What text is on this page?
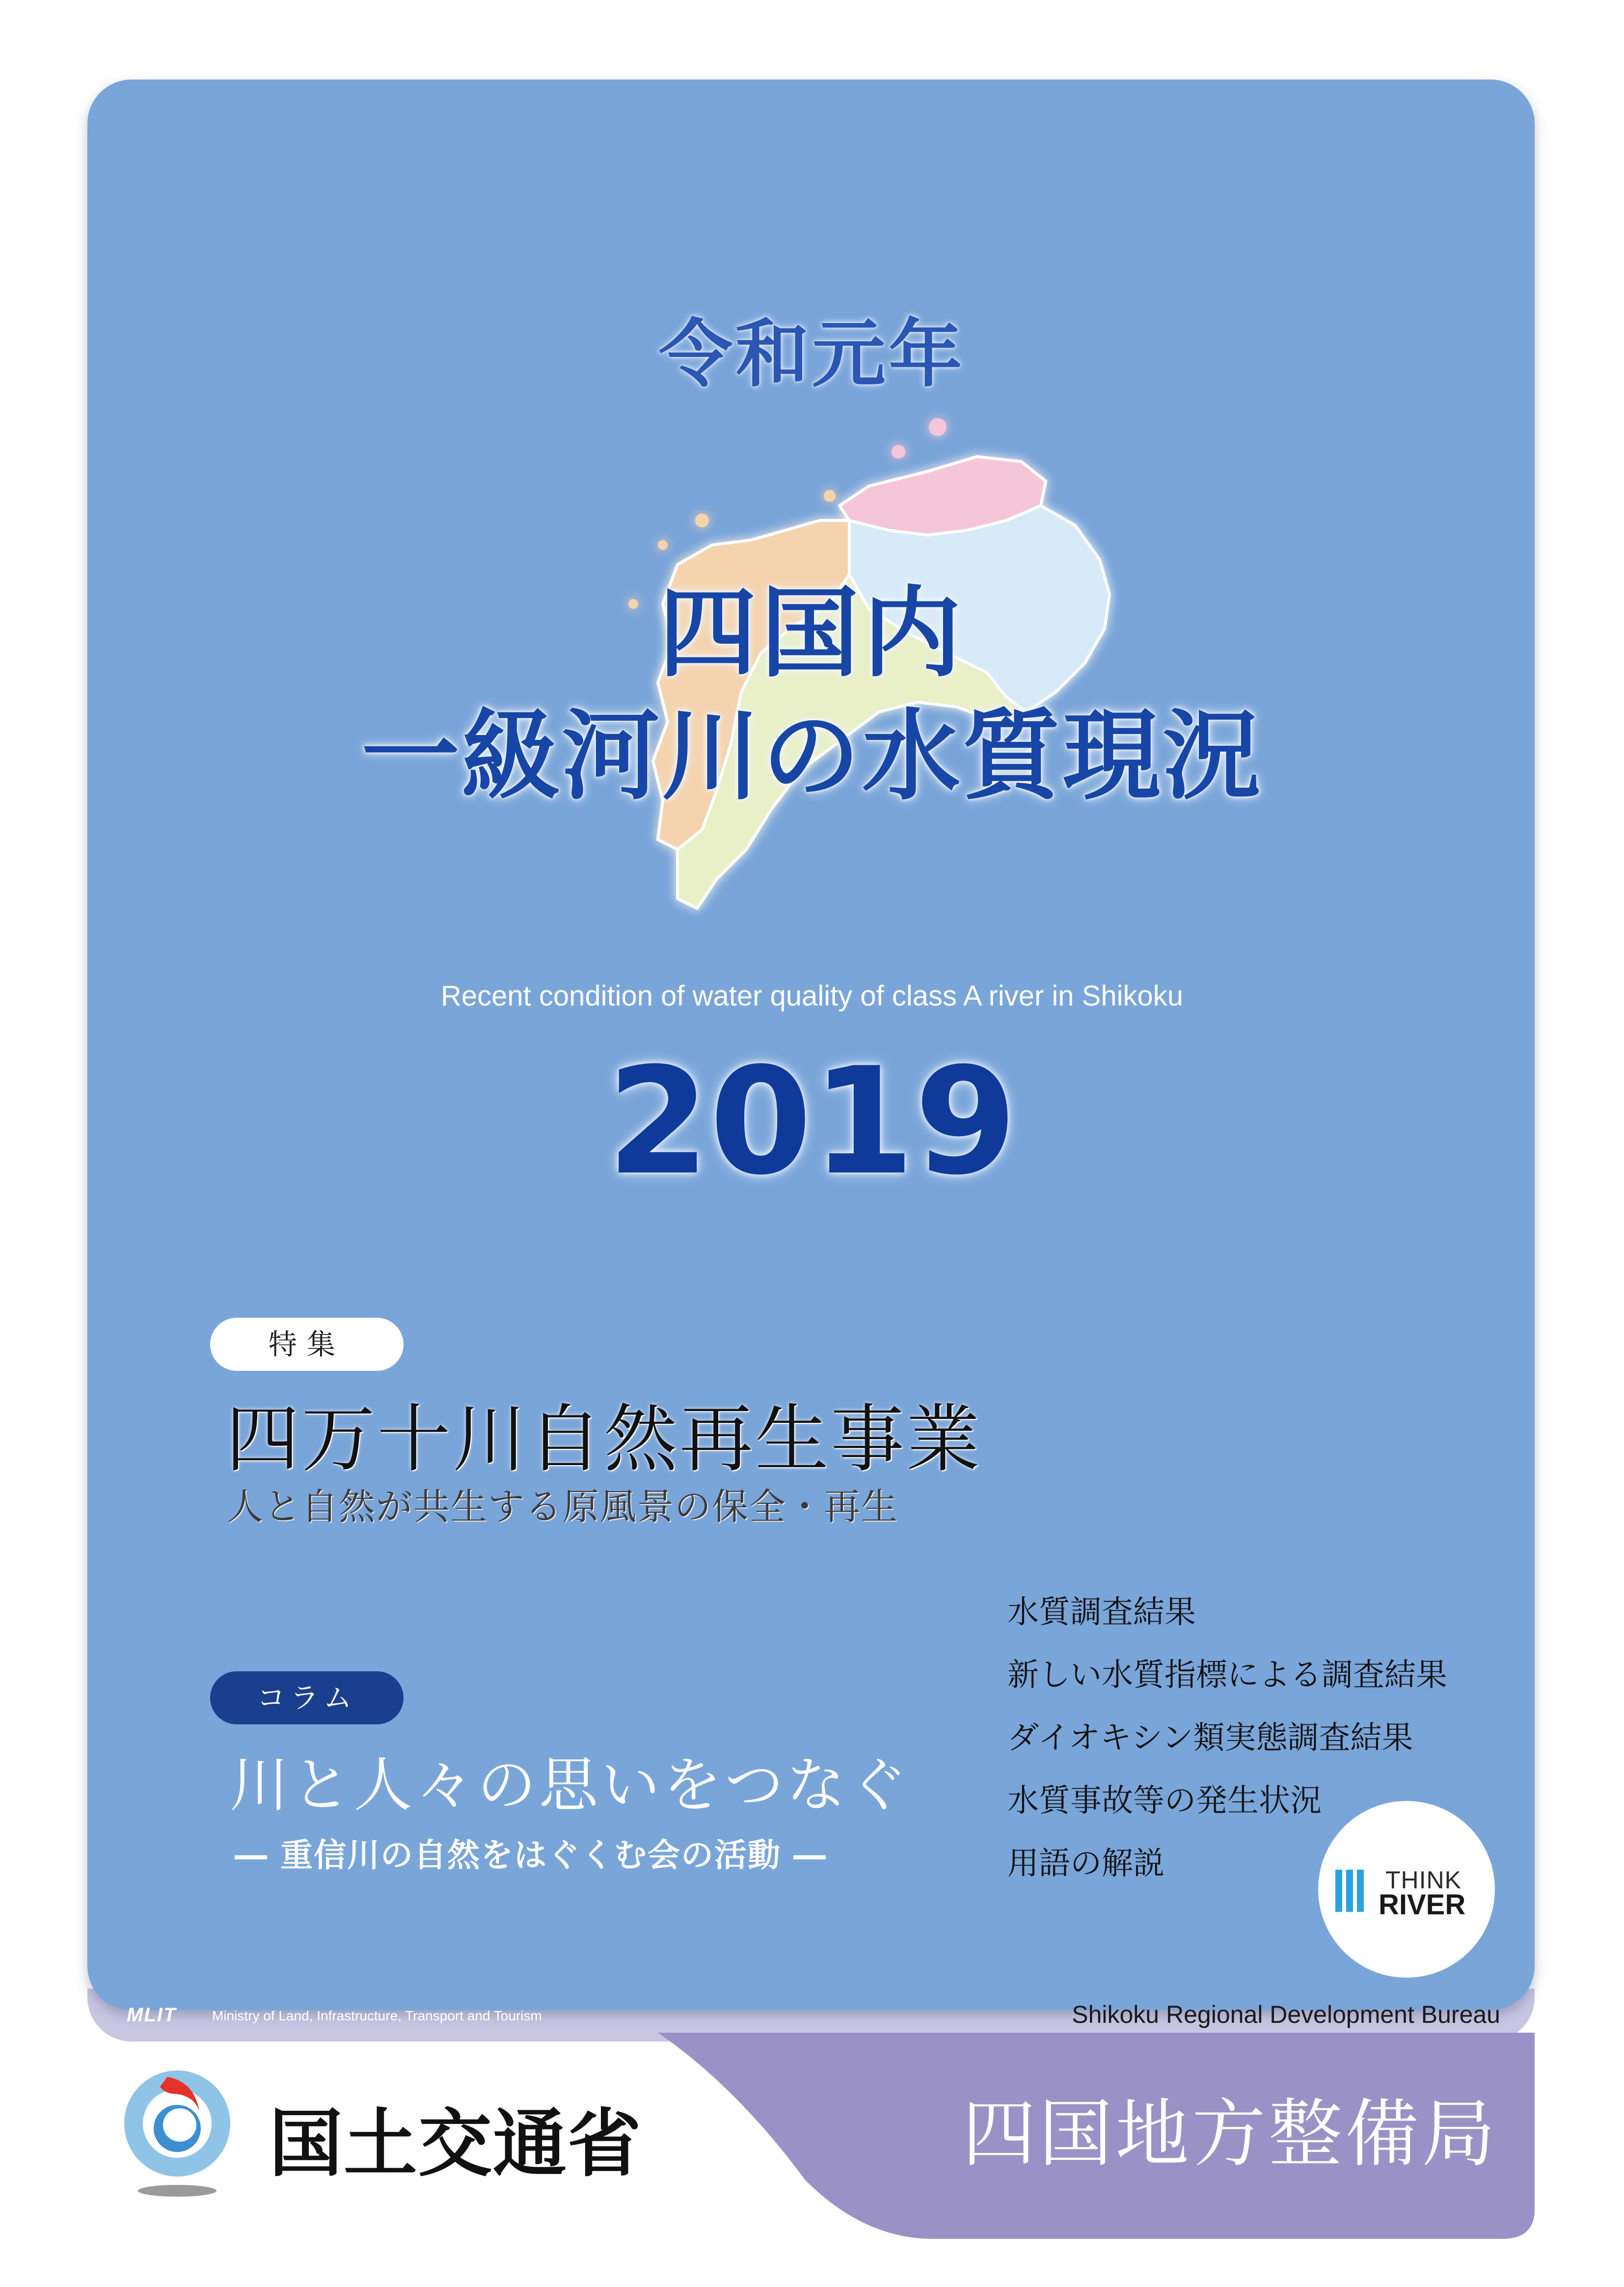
令和元年
四国内
一級河川の水質現況
Recent condition of water quality of class A river in Shikoku
2019
特集
四万十川自然再生事業
人と自然が共生する原風景の保全・再生
コラム
川と人々の思いをつなぐ
― 重信川の自然をはぐくむ会の活動 ―
水質調査結果
新しい水質指標による調査結果
ダイオキシン類実態調査結果
水質事故等の発生状況
用語の解説	THINK
RIVER
MLIT	Ministry of Land, Infrastructure, Transport and Tourism	Shikoku Regional Development Bureau
国土交通省	四国地方整備局
